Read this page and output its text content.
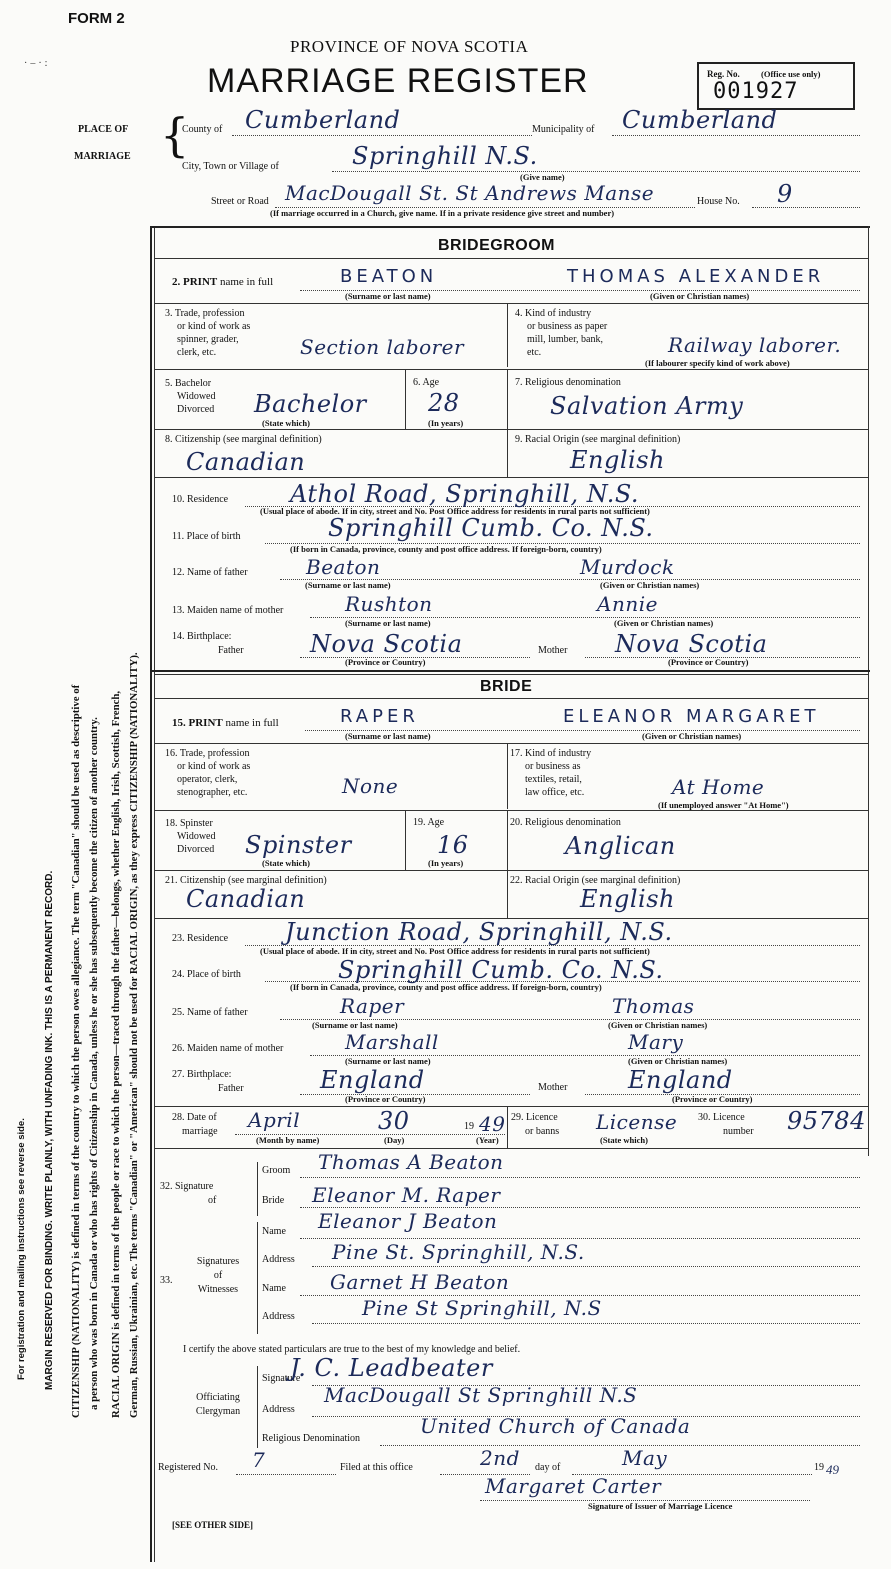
FORM 2
·–·:
PROVINCE OF NOVA SCOTIA
MARRIAGE REGISTER	Reg. No.	(Office use only)
001927
PLACE OF
MARRIAGE {
County of Cumberland	Municipality of Cumberland
City, Town or Village of	Springhill N.S.
(Give name)
Street or Road MacDougall St. St Andrews Manse	House No. 9
(If marriage occurred in a Church, give name. If in a private residence give street and number)
For registration and mailing instructions see reverse side. MARGIN RESERVED FOR BINDING. WRITE PLAINLY, WITH UNFADING INK. THIS IS A PERMANENT RECORD. CITIZENSHIP (NATIONALITY) is defined in terms of the country to which the person owes allegiance. The term "Canadian" should be used as descriptive of a person who was born in Canada or who has rights of Citizenship in Canada, unless he or she has subsequently become the citizen of another country. RACIAL ORIGIN is defined in terms of the people or race to which the person—traced through the father—belongs, whether English, Irish, Scottish, French, German, Russian, Ukrainian, etc. The terms "Canadian" or "American" should not be used for RACIAL ORIGIN, as they express CITIZENSHIP (NATIONALITY).
BRIDEGROOM
2. PRINT name in full	BEATON	THOMAS ALEXANDER
(Surname or last name)	(Given or Christian names)
3. Trade, profession
or kind of work as
spinner, grader,
clerk, etc.	Section laborer
4. Kind of industry
or business as paper
mill, lumber, bank,
etc.	Railway laborer.
(If labourer specify kind of work above)
5. Bachelor
Widowed
Divorced Bachelor
(State which)
6. Age
28
(In years)
7. Religious denomination
Salvation Army
8. Citizenship (see marginal definition)
Canadian
9. Racial Origin (see marginal definition)
English
10. Residence	Athol Road, Springhill, N.S.
(Usual place of abode. If in city, street and No. Post Office address for residents in rural parts not sufficient)
11. Place of birth	Springhill Cumb. Co. N.S.
(If born in Canada, province, county and post office address. If foreign-born, country)
12. Name of father	Beaton	Murdock
(Surname or last name)	(Given or Christian names)
13. Maiden name of mother	Rushton	Annie
(Surname or last name)	(Given or Christian names)
14. Birthplace:
Father	Nova Scotia	Mother Nova Scotia
(Province or Country)	(Province or Country)
BRIDE
15. PRINT name in full	RAPER	ELEANOR MARGARET
(Surname or last name)	(Given or Christian names)
16. Trade, profession
or kind of work as
operator, clerk,
stenographer, etc.	None
17. Kind of industry
or business as
textiles, retail,
law office, etc.	At Home
(If unemployed answer "At Home")
18. Spinster
Widowed
Divorced Spinster
(State which)
19. Age
16
(In years)
20. Religious denomination
Anglican
21. Citizenship (see marginal definition)
Canadian
22. Racial Origin (see marginal definition)
English
23. Residence Junction Road, Springhill, N.S.
(Usual place of abode. If in city, street and No. Post Office address for residents in rural parts not sufficient)
24. Place of birth	Springhill Cumb. Co. N.S.
(If born in Canada, province, county and post office address. If foreign-born, country)
25. Name of father	Raper	Thomas
(Surname or last name)	(Given or Christian names)
26. Maiden name of mother	Marshall	Mary
(Surname or last name)	(Given or Christian names)
27. Birthplace:
Father	England	Mother	England
(Province or Country)	(Province or Country)
28. Date of
marriage April	30	19 49
(Month by name)	(Day)	(Year)
29. Licence
or banns License
(State which)
30. Licence
number 95784
32. Signature
of
Groom Thomas A Beaton
Bride Eleanor M. Raper
33.
Signatures
of
Witnesses
Name Eleanor J Beaton
Address Pine St. Springhill, N.S.
Name Garnet H Beaton
Address	Pine St Springhill, N.S
I certify the above stated particulars are true to the best of my knowledge and belief.
Officiating
Clergyman
Signature
J. C. Leadbeater
Address
MacDougall St Springhill N.S
Religious Denomination
United Church of Canada
Registered No. 7	Filed at this office	2nd day of	May	19 49
Margaret Carter
Signature of Issuer of Marriage Licence
[SEE OTHER SIDE]
